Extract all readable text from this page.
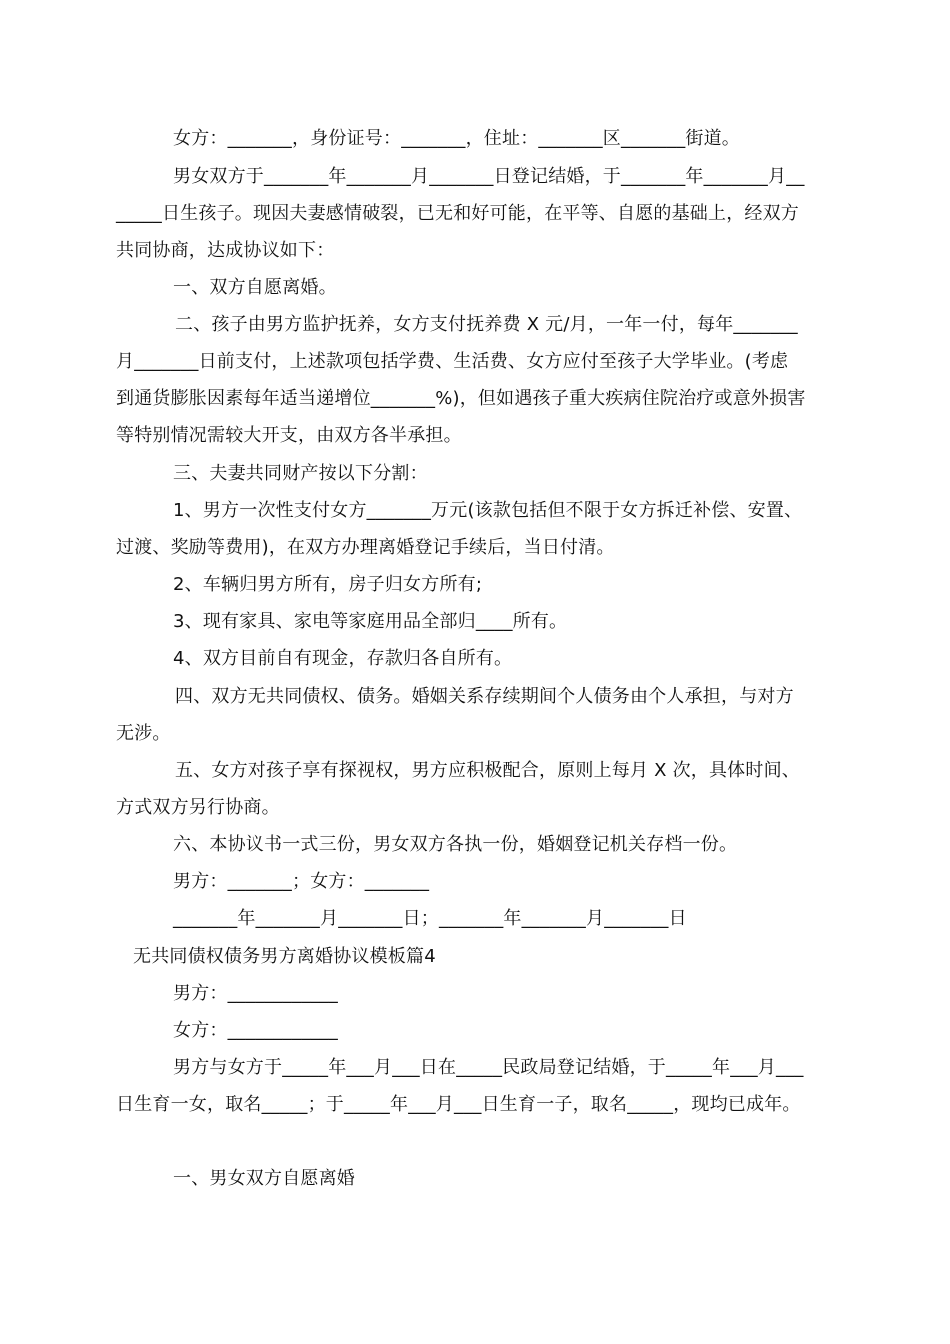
女方：_______，身份证号：_______，住址：_______区_______街道。
男女双方于_______年_______月_______日登记结婚，于_______年_______月__
_____日生孩子。现因夫妻感情破裂，已无和好可能，在平等、自愿的基础上，经双方
共同协商，达成协议如下：
一、双方自愿离婚。
二、孩子由男方监护抚养，女方支付抚养费 X 元/月，一年一付，每年_______
月_______日前支付，上述款项包括学费、生活费、女方应付至孩子大学毕业。(考虑
到通货膨胀因素每年适当递增位_______%)，但如遇孩子重大疾病住院治疗或意外损害
等特别情况需较大开支，由双方各半承担。
三、夫妻共同财产按以下分割：
1、男方一次性支付女方_______万元(该款包括但不限于女方拆迁补偿、安置、
过渡、奖励等费用)，在双方办理离婚登记手续后，当日付清。
2、车辆归男方所有，房子归女方所有;
3、现有家具、家电等家庭用品全部归____所有。
4、双方目前自有现金，存款归各自所有。
四、双方无共同债权、债务。婚姻关系存续期间个人债务由个人承担，与对方
无涉。
五、女方对孩子享有探视权，男方应积极配合，原则上每月 X 次，具体时间、
方式双方另行协商。
六、本协议书一式三份，男女双方各执一份，婚姻登记机关存档一份。
男方：_______；女方：_______
_______年_______月_______日；_______年_______月_______日
无共同债权债务男方离婚协议模板篇4
男方：____________
女方：____________
男方与女方于_____年___月___日在_____民政局登记结婚，于_____年___月___
日生育一女，取名_____；于_____年___月___日生育一子，取名_____，现均已成年。
一、男女双方自愿离婚
